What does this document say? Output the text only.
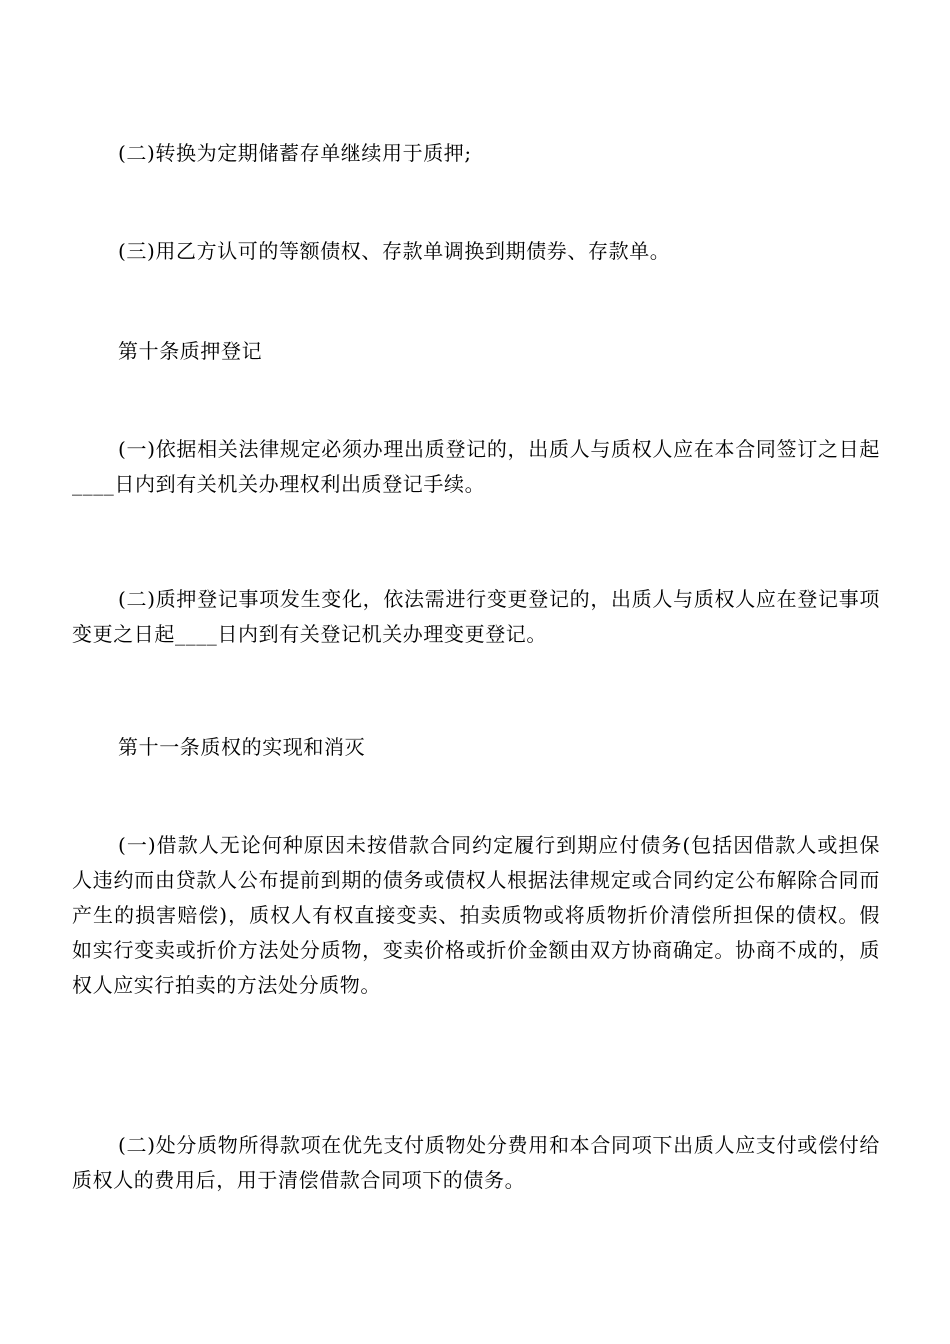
(二)转换为定期储蓄存单继续用于质押;

(三)用乙方认可的等额债权、存款单调换到期债券、存款单。

第十条质押登记

(一)依据相关法律规定必须办理出质登记的，出质人与质权人应在本合同签订之日起____日内到有关机关办理权利出质登记手续。

(二)质押登记事项发生变化，依法需进行变更登记的，出质人与质权人应在登记事项变更之日起____日内到有关登记机关办理变更登记。

第十一条质权的实现和消灭

(一)借款人无论何种原因未按借款合同约定履行到期应付债务(包括因借款人或担保人违约而由贷款人公布提前到期的债务或债权人根据法律规定或合同约定公布解除合同而产生的损害赔偿)，质权人有权直接变卖、拍卖质物或将质物折价清偿所担保的债权。假如实行变卖或折价方法处分质物，变卖价格或折价金额由双方协商确定。协商不成的，质权人应实行拍卖的方法处分质物。

(二)处分质物所得款项在优先支付质物处分费用和本合同项下出质人应支付或偿付给质权人的费用后，用于清偿借款合同项下的债务。
